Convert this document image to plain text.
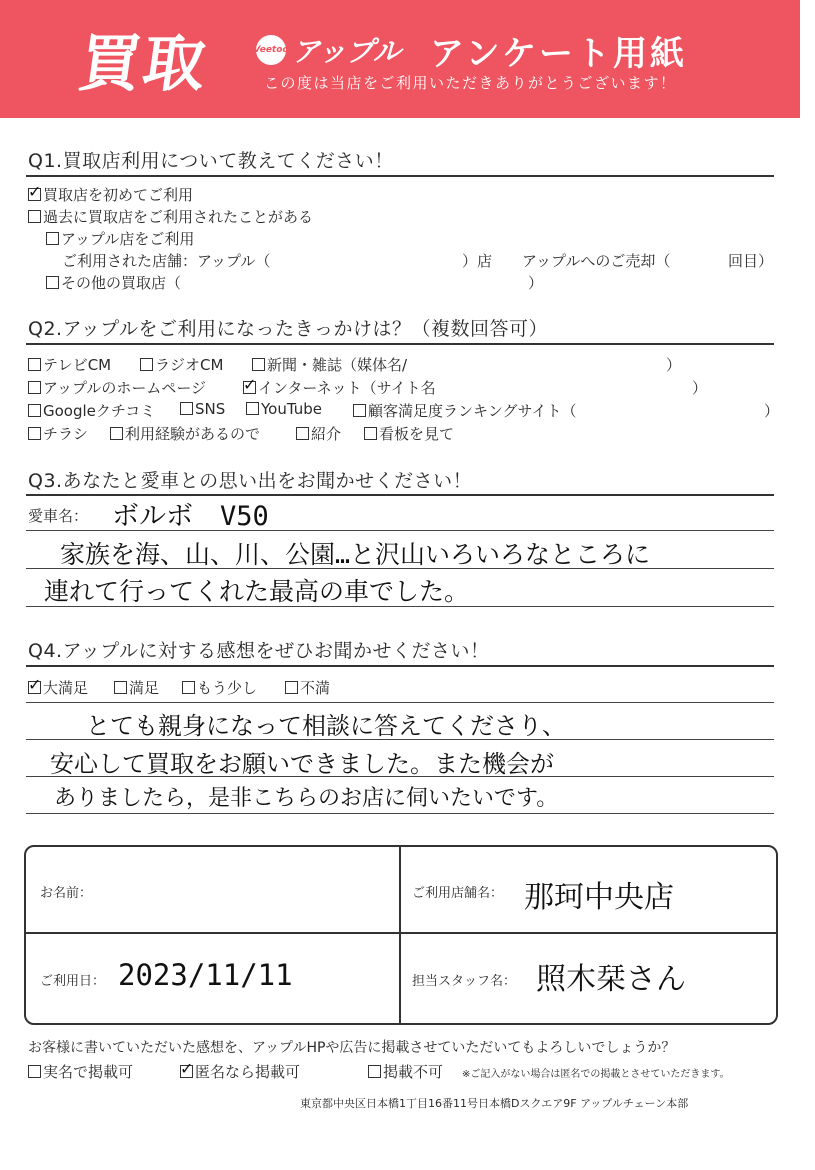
買取	Veetoo アップル アンケート用紙
この度は当店をご利用いただきありがとうございます！
Q1.買取店利用について教えてください！
✓買取店を初めてご利用
過去に買取店をご利用されたことがある
アップル店をご利用
ご利用された店舗：アップル（	）店 アップルへのご売却（	回目）
その他の買取店（	）
Q2.アップルをご利用になったきっかけは？（複数回答可）
テレビCM	ラジオCM	新聞・雑誌（媒体名/	）
アップルのホームページ ✓	インターネット（サイト名	）
Googleクチコミ	SNS	YouTube	顧客満足度ランキングサイト（	）
チラシ	利用経験があるので	紹介	看板を見て
Q3.あなたと愛車との思い出をお聞かせください！
愛車名： ボルボ　V50
家族を海、山、川、公園…と沢山いろいろなところに
連れて行ってくれた最高の車でした。
Q4.アップルに対する感想をぜひお聞かせください！
✓大満足	満足	もう少し	不満
とても親身になって相談に答えてくださり、
安心して買取をお願いできました。また機会が
ありましたら，是非こちらのお店に伺いたいです。
お名前：	ご利用店舗名： 那珂中央店
ご利用日： 2023/11/11	担当スタッフ名： 照木栞さん
お客様に書いていただいた感想を、アップルHPや広告に掲載させていただいてもよろしいでしょうか？
実名で掲載可 ✓	匿名なら掲載可	掲載不可 ※ご記入がない場合は匿名での掲載とさせていただきます。
東京都中央区日本橋1丁目16番11号日本橋Dスクエア9F アップルチェーン本部
